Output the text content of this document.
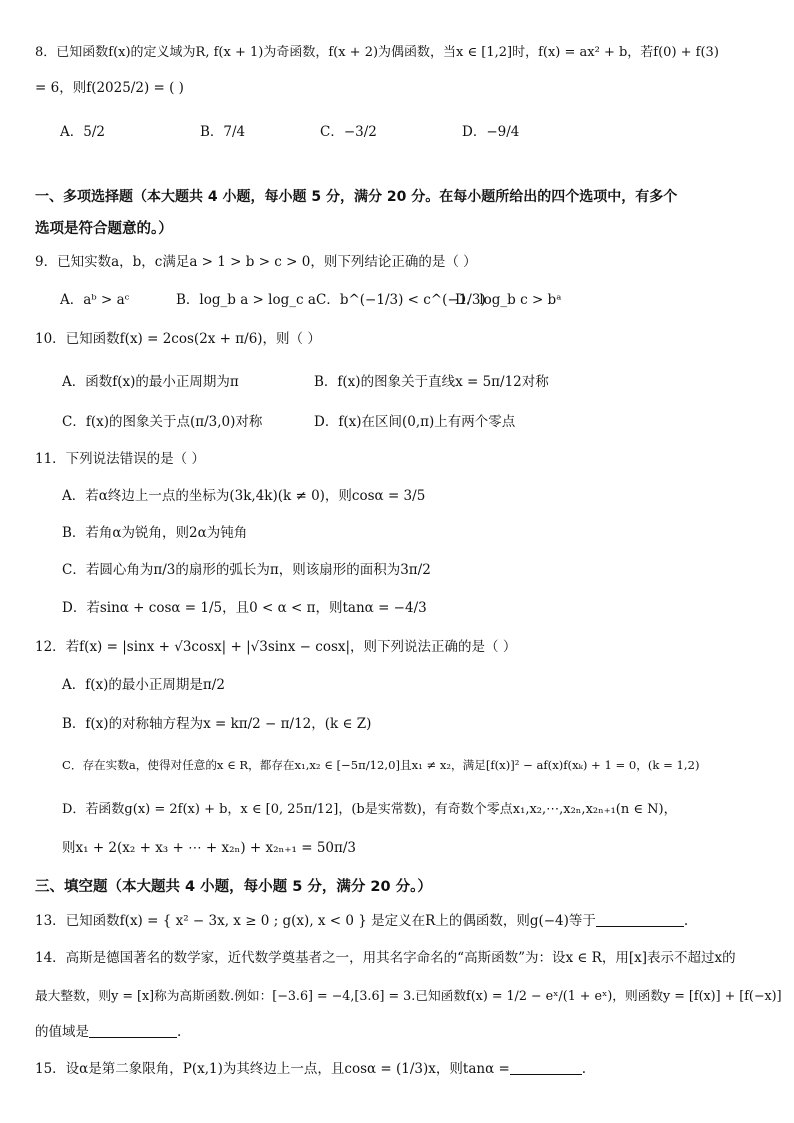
8．已知函数f(x)的定义域为R, f(x + 1)为奇函数，f(x + 2)为偶函数，当x ∈ [1,2]时，f(x) = ax² + b，若f(0) + f(3)
= 6，则f(2025/2) = ( )
A．5/2	B．7/4	C．−3/2	D．−9/4
一、多项选择题（本大题共 4 小题，每小题 5 分，满分 20 分。在每小题所给出的四个选项中，有多个
选项是符合题意的。）
9．已知实数a，b，c满足a > 1 > b > c > 0，则下列结论正确的是（ ）
A．aᵇ > aᶜ	B．log_b a > log_c a C．b^(−1/3) < c^(−1/3)
D．log_b c > bᵃ
10．已知函数f(x) = 2cos(2x + π/6)，则（ ）
A．函数f(x)的最小正周期为π	B．f(x)的图象关于直线x = 5π/12对称
C．f(x)的图象关于点(π/3,0)对称	D．f(x)在区间(0,π)上有两个零点
11．下列说法错误的是（ ）
A．若α终边上一点的坐标为(3k,4k)(k ≠ 0)，则cosα = 3/5
B．若角α为锐角，则2α为钝角
C．若圆心角为π/3的扇形的弧长为π，则该扇形的面积为3π/2
D．若sinα + cosα = 1/5，且0 < α < π，则tanα = −4/3
12．若f(x) = |sinx + √3cosx| + |√3sinx − cosx|，则下列说法正确的是（ ）
A．f(x)的最小正周期是π/2
B．f(x)的对称轴方程为x = kπ/2 − π/12，(k ∈ Z)
C．存在实数a，使得对任意的x ∈ R，都存在x₁,x₂ ∈ [−5π/12,0]且x₁ ≠ x₂，满足[f(x)]² − af(x)f(xₖ) + 1 = 0，(k = 1,2)
D．若函数g(x) = 2f(x) + b，x ∈ [0, 25π/12]，(b是实常数)，有奇数个零点x₁,x₂,⋯,x₂ₙ,x₂ₙ₊₁(n ∈ N)，
则x₁ + 2(x₂ + x₃ + ⋯ + x₂ₙ) + x₂ₙ₊₁ = 50π/3
三、填空题（本大题共 4 小题，每小题 5 分，满分 20 分。）
13．已知函数f(x) = { x² − 3x, x ≥ 0 ; g(x), x < 0 } 是定义在R上的偶函数，则g(−4)等于	.
14．高斯是德国著名的数学家，近代数学奠基者之一，用其名字命名的“高斯函数”为：设x ∈ R，用[x]表示不超过x的
最大整数，则y = [x]称为高斯函数.例如：[−3.6] = −4,[3.6] = 3.已知函数f(x) = 1/2 − eˣ/(1 + eˣ)，则函数y = [f(x)] + [f(−x)]
的值域是	.
15．设α是第二象限角，P(x,1)为其终边上一点，且cosα = (1/3)x，则tanα =	.
